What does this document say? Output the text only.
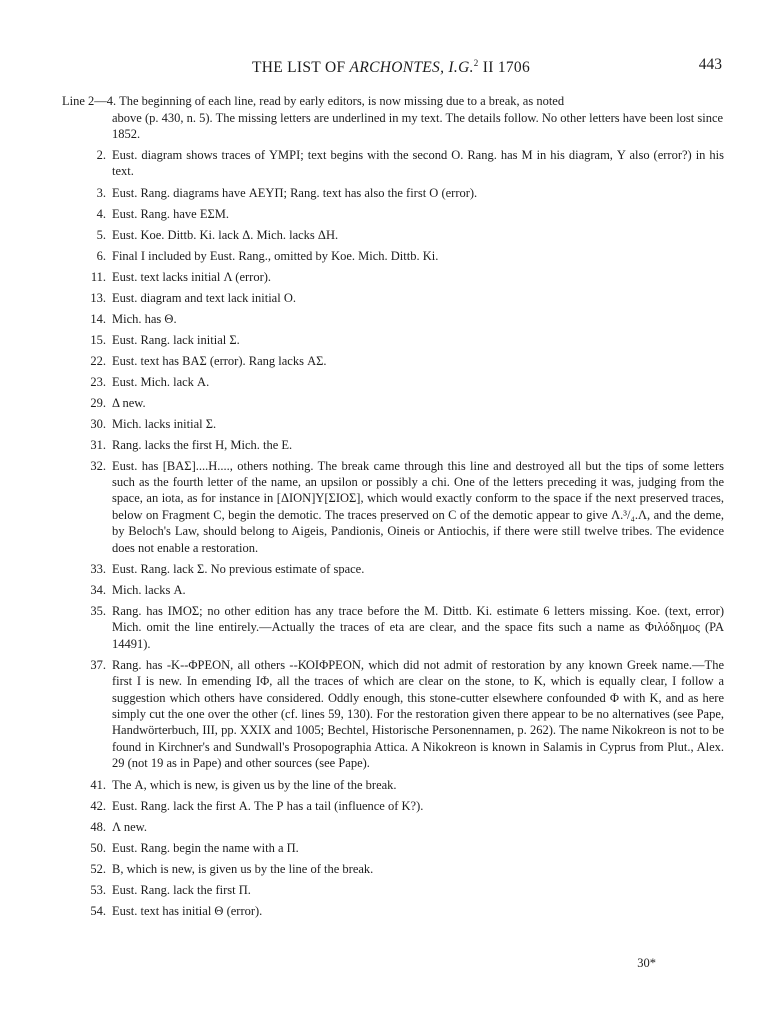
THE LIST OF ARCHONTES, I.G.$^2$ II 1706	443
Line 2—4. The beginning of each line, read by early editors, is now missing due to a break, as noted
above (p. 430, n. 5). The missing letters are underlined in my text. The details follow. No other letters have been lost since 1852.
2. Eust. diagram shows traces of ΥΜΡΙ; text begins with the second Ο. Rang. has Μ in his diagram, Υ also (error?) in his text.
3. Eust. Rang. diagrams have ΑΕΥΠ; Rang. text has also the first Ο (error).
4. Eust. Rang. have ΕΣΜ.
5. Eust. Koe. Dittb. Ki. lack Δ. Mich. lacks ΔΗ.
6. Final I included by Eust. Rang., omitted by Koe. Mich. Dittb. Ki.
11. Eust. text lacks initial Λ (error).
13. Eust. diagram and text lack initial Ο.
14. Mich. has Θ.
15. Eust. Rang. lack initial Σ.
22. Eust. text has ΒΑΣ (error). Rang lacks ΑΣ.
23. Eust. Mich. lack Α.
29. Δ new.
30. Mich. lacks initial Σ.
31. Rang. lacks the first Η, Mich. the Ε.
32. Eust. has [ΒΑΣ]....Η...., others nothing. The break came through this line and destroyed all but the tips of some letters such as the fourth letter of the name, an upsilon or possibly a chi. One of the letters preceding it was, judging from the space, an iota, as for instance in [ΔΙΟΝ]Υ[ΣΙΟΣ], which would exactly conform to the space if the next preserved traces, below on Fragment C, begin the demotic. The traces preserved on C of the demotic appear to give Λ.³/₄.Λ, and the deme, by Beloch's Law, should belong to Aigeis, Pandionis, Oineis or Antiochis, if there were still twelve tribes. The evidence does not enable a restoration.
33. Eust. Rang. lack Σ. No previous estimate of space.
34. Mich. lacks Α.
35. Rang. has ΙΜΟΣ; no other edition has any trace before the Μ. Dittb. Ki. estimate 6 letters missing. Koe. (text, error) Mich. omit the line entirely.—Actually the traces of eta are clear, and the space fits such a name as Φιλόδημος (PA 14491).
37. Rang. has -Κ--ΦΡΕΟΝ, all others --ΚΟΙΦΡΕΟΝ, which did not admit of restoration by any known Greek name.—The first I is new. In emending ΙΦ, all the traces of which are clear on the stone, to Κ, which is equally clear, I follow a suggestion which others have considered. Oddly enough, this stone-cutter elsewhere confounded Φ with Κ, and as here simply cut the one over the other (cf. lines 59, 130). For the restoration given there appear to be no alternatives (see Pape, Handwörterbuch, III, pp. XXIX and 1005; Bechtel, Historische Personennamen, p. 262). The name Nikokreon is not to be found in Kirchner's and Sundwall's Prosopographia Attica. A Nikokreon is known in Salamis in Cyprus from Plut., Alex. 29 (not 19 as in Pape) and other sources (see Pape).
41. The Α, which is new, is given us by the line of the break.
42. Eust. Rang. lack the first Α. The Ρ has a tail (influence of Κ?).
48. Λ new.
50. Eust. Rang. begin the name with a Π.
52. Β, which is new, is given us by the line of the break.
53. Eust. Rang. lack the first Π.
54. Eust. text has initial Θ (error).
30*
